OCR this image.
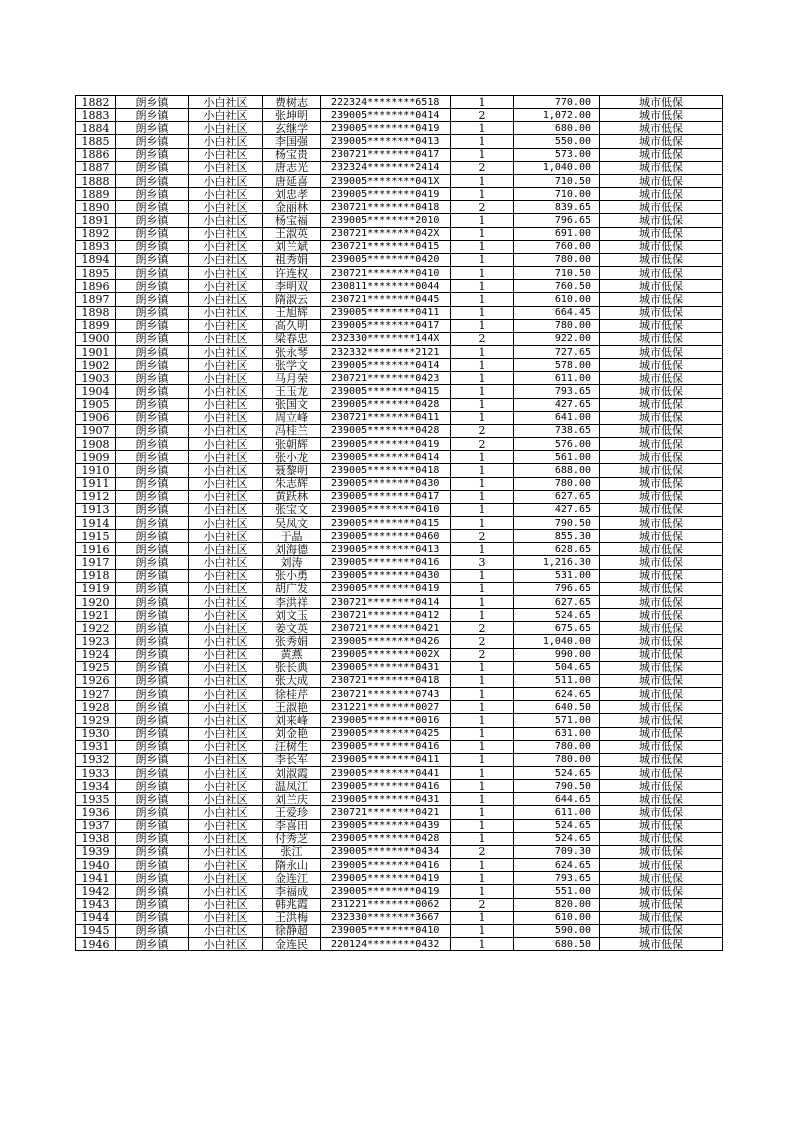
1882	朗乡镇	小白社区	费树志	222324********6518	1	770.00	城市低保
1883	朗乡镇	小白社区	张坤明	239005********0414	2	1,072.00	城市低保
1884	朗乡镇	小白社区	玄继学	239005********0419	1	680.00	城市低保
1885	朗乡镇	小白社区	李国强	239005********0413	1	550.00	城市低保
1886	朗乡镇	小白社区	杨宝贵	230721********0417	1	573.00	城市低保
1887	朗乡镇	小白社区	唐志光	232324********2414	2	1,040.00	城市低保
1888	朗乡镇	小白社区	唐延喜	239005********041X	1	710.50	城市低保
1889	朗乡镇	小白社区	刘忠孝	239005********0419	1	710.00	城市低保
1890	朗乡镇	小白社区	金丽林	230721********0418	2	839.65	城市低保
1891	朗乡镇	小白社区	杨宝福	239005********2010	1	796.65	城市低保
1892	朗乡镇	小白社区	王淑英	230721********042X	1	691.00	城市低保
1893	朗乡镇	小白社区	刘兰斌	230721********0415	1	760.00	城市低保
1894	朗乡镇	小白社区	祖秀娟	239005********0420	1	780.00	城市低保
1895	朗乡镇	小白社区	许连权	230721********0410	1	710.50	城市低保
1896	朗乡镇	小白社区	李明双	230811********0044	1	760.50	城市低保
1897	朗乡镇	小白社区	隋淑云	230721********0445	1	610.00	城市低保
1898	朗乡镇	小白社区	王旭辉	239005********0411	1	664.45	城市低保
1899	朗乡镇	小白社区	高久明	239005********0417	1	780.00	城市低保
1900	朗乡镇	小白社区	梁春忠	232330********144X	2	922.00	城市低保
1901	朗乡镇	小白社区	张永琴	232332********2121	1	727.65	城市低保
1902	朗乡镇	小白社区	张学文	239005********0414	1	578.00	城市低保
1903	朗乡镇	小白社区	马月荣	230721********0423	1	611.00	城市低保
1904	朗乡镇	小白社区	王玉龙	239005********0415	1	793.65	城市低保
1905	朗乡镇	小白社区	张国文	239005********0428	1	427.65	城市低保
1906	朗乡镇	小白社区	周立峰	230721********0411	1	641.00	城市低保
1907	朗乡镇	小白社区	冯桂兰	239005********0428	2	738.65	城市低保
1908	朗乡镇	小白社区	张朝辉	239005********0419	2	576.00	城市低保
1909	朗乡镇	小白社区	张小龙	239005********0414	1	561.00	城市低保
1910	朗乡镇	小白社区	聂黎明	239005********0418	1	688.00	城市低保
1911	朗乡镇	小白社区	朱志辉	239005********0430	1	780.00	城市低保
1912	朗乡镇	小白社区	黄跃林	239005********0417	1	627.65	城市低保
1913	朗乡镇	小白社区	张宝文	239005********0410	1	427.65	城市低保
1914	朗乡镇	小白社区	吴凤文	239005********0415	1	790.50	城市低保
1915	朗乡镇	小白社区	于晶	239005********0460	2	855.30	城市低保
1916	朗乡镇	小白社区	刘海德	239005********0413	1	628.65	城市低保
1917	朗乡镇	小白社区	刘涛	239005********0416	3	1,216.30	城市低保
1918	朗乡镇	小白社区	张小勇	239005********0430	1	531.00	城市低保
1919	朗乡镇	小白社区	胡广发	239005********0419	1	796.65	城市低保
1920	朗乡镇	小白社区	李洪祥	230721********0414	1	627.65	城市低保
1921	朗乡镇	小白社区	刘文玉	230721********0412	1	524.65	城市低保
1922	朗乡镇	小白社区	姜文英	230721********0421	2	675.65	城市低保
1923	朗乡镇	小白社区	张秀娟	239005********0426	2	1,040.00	城市低保
1924	朗乡镇	小白社区	黄燕	239005********002X	2	990.00	城市低保
1925	朗乡镇	小白社区	张长典	239005********0431	1	504.65	城市低保
1926	朗乡镇	小白社区	张大成	230721********0418	1	511.00	城市低保
1927	朗乡镇	小白社区	徐桂芹	230721********0743	1	624.65	城市低保
1928	朗乡镇	小白社区	王淑艳	231221********0027	1	640.50	城市低保
1929	朗乡镇	小白社区	刘来峰	239005********0016	1	571.00	城市低保
1930	朗乡镇	小白社区	刘金艳	239005********0425	1	631.00	城市低保
1931	朗乡镇	小白社区	汪树生	239005********0416	1	780.00	城市低保
1932	朗乡镇	小白社区	李长军	239005********0411	1	780.00	城市低保
1933	朗乡镇	小白社区	刘淑霞	239005********0441	1	524.65	城市低保
1934	朗乡镇	小白社区	温凤江	239005********0416	1	790.50	城市低保
1935	朗乡镇	小白社区	刘兰庆	239005********0431	1	644.65	城市低保
1936	朗乡镇	小白社区	王爱珍	230721********0421	1	611.00	城市低保
1937	朗乡镇	小白社区	李喜田	239005********0439	1	524.65	城市低保
1938	朗乡镇	小白社区	付秀芝	239005********0428	1	524.65	城市低保
1939	朗乡镇	小白社区	张江	239005********0434	2	709.30	城市低保
1940	朗乡镇	小白社区	隋永山	239005********0416	1	624.65	城市低保
1941	朗乡镇	小白社区	金连江	239005********0419	1	793.65	城市低保
1942	朗乡镇	小白社区	李福成	239005********0419	1	551.00	城市低保
1943	朗乡镇	小白社区	韩兆霞	231221********0062	2	820.00	城市低保
1944	朗乡镇	小白社区	王洪梅	232330********3667	1	610.00	城市低保
1945	朗乡镇	小白社区	徐静超	239005********0410	1	590.00	城市低保
1946	朗乡镇	小白社区	金连民	220124********0432	1	680.50	城市低保
